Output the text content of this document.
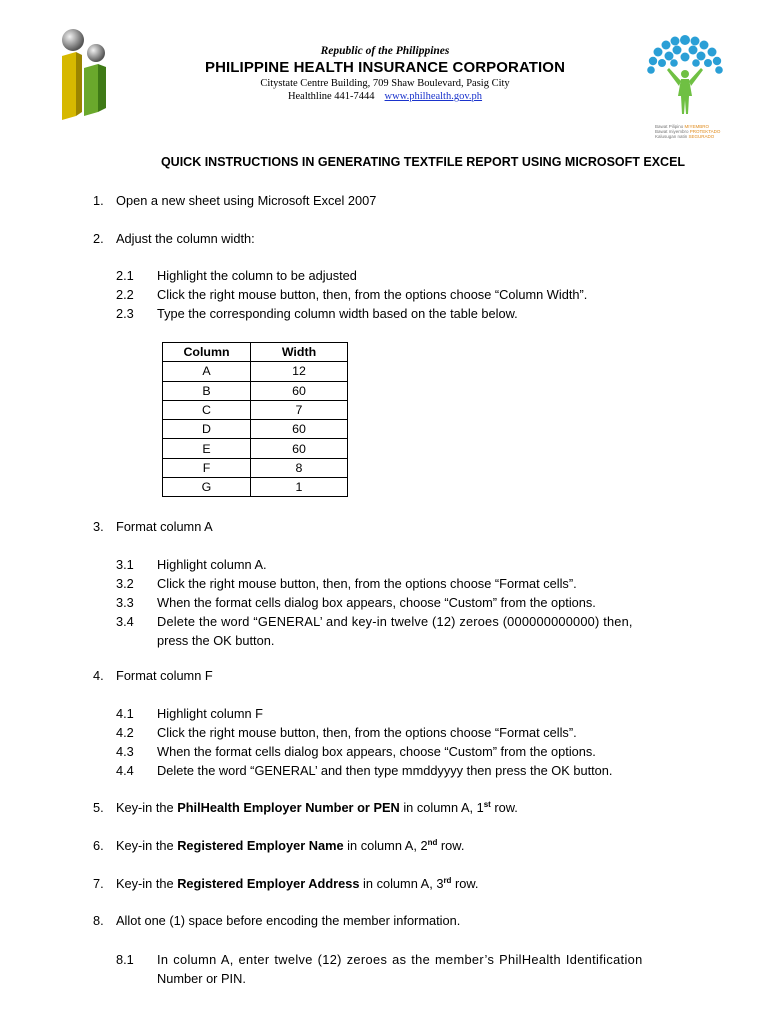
Republic of the Philippines
PHILIPPINE HEALTH INSURANCE CORPORATION
Citystate Centre Building, 709 Shaw Boulevard, Pasig City
Healthline 441-7444 www.philhealth.gov.ph
Bawat Pilipino MIYEMBRO
Bawat miyembro PROTEKTADO
Kalusugan natin SEGURADO
QUICK INSTRUCTIONS IN GENERATING TEXTFILE REPORT USING MICROSOFT EXCEL
1. Open a new sheet using Microsoft Excel 2007
2. Adjust the column width:
2.1 Highlight the column to be adjusted
2.2 Click the right mouse button, then, from the options choose “Column Width”.
2.3 Type the corresponding column width based on the table below.
Column	Width
A	12
B	60
C	7
D	60
E	60
F	8
G	1
3. Format column A
3.1 Highlight column A.
3.2 Click the right mouse button, then, from the options choose “Format cells”.
3.3 When the format cells dialog box appears, choose “Custom” from the options.
3.4 Delete the word “GENERAL’ and key-in twelve (12) zeroes (000000000000) then,
press the OK button.
4. Format column F
4.1 Highlight column F
4.2 Click the right mouse button, then, from the options choose “Format cells”.
4.3 When the format cells dialog box appears, choose “Custom” from the options.
4.4 Delete the word “GENERAL’ and then type mmddyyyy then press the OK button.
5. Key-in the PhilHealth Employer Number or PEN in column A, 1st row.
6. Key-in the Registered Employer Name in column A, 2nd row.
7. Key-in the Registered Employer Address in column A, 3rd row.
8. Allot one (1) space before encoding the member information.
8.1 In column A, enter twelve (12) zeroes as the member’s PhilHealth Identification
Number or PIN.
